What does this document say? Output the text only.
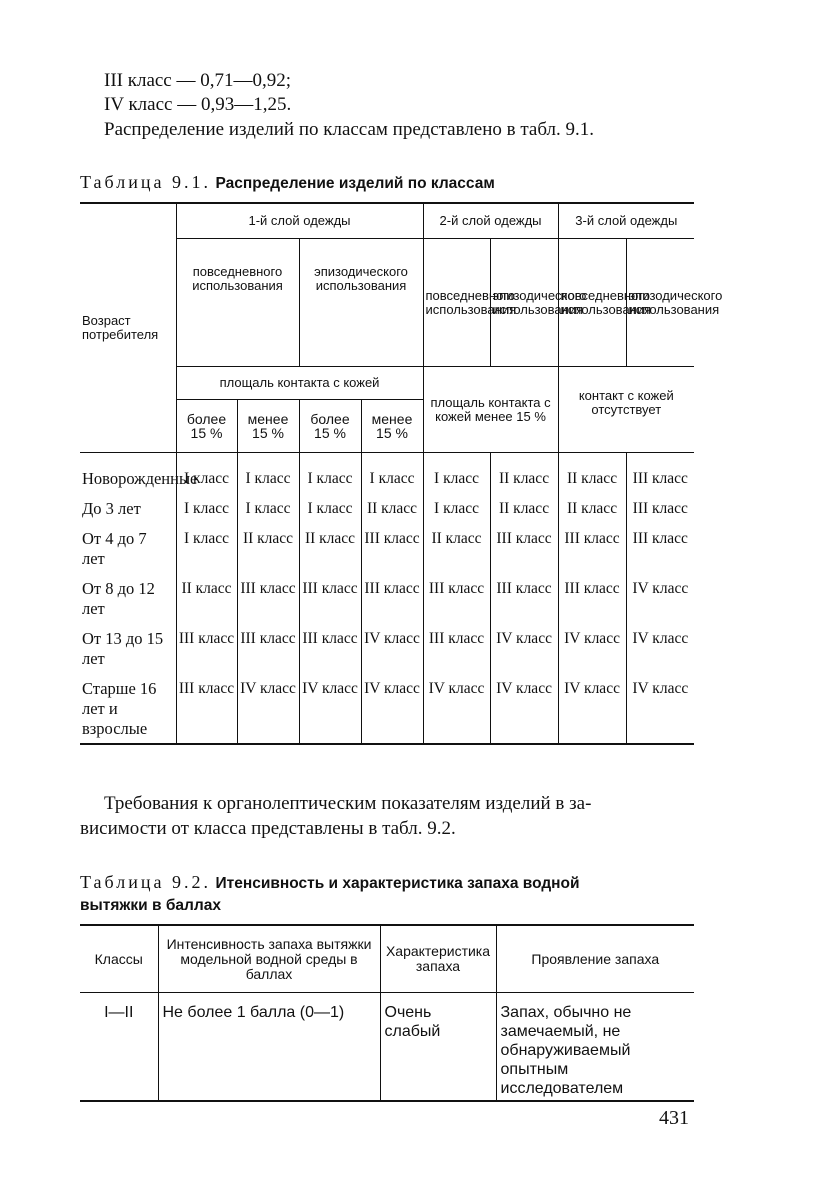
III класс — 0,71—0,92;
IV класс — 0,93—1,25.
Распределение изделий по классам представлено в табл. 9.1.
Таблица 9.1. Распределение изделий по классам
Возраст потребителя	1-й слой одежды				2-й слой одежды		3-й слой одежды	
	повседневного использования		эпизодического использования		повседневного использования	эпизодического использования	повседневного использования	эпизодического использования
	площаль контакта с кожей				площаль контакта с кожей менее 15 %		контакт с кожей отсутствует	
	более 15 %	менее 15 %	более 15 %	менее 15 %				

Новорожденные	I класс	I класс	I класс	I класс	I класс	II класс	II класс	III класс
До 3 лет	I класс	I класс	I класс	II класс	I класс	II класс	II класс	III класс
От 4 до 7 лет	I класс	II класс	II класс	III класс	II класс	III класс	III класс	III класс
От 8 до 12 лет	II класс	III класс	III класс	III класс	III класс	III класс	III класс	IV класс
От 13 до 15 лет	III класс	III класс	III класс	IV класс	III класс	IV класс	IV класс	IV класс
Старше 16 лет и взрослые	III класс	IV класс	IV класс	IV класс	IV класс	IV класс	IV класс	IV класс
Требования к органолептическим показателям изделий в за-
висимости от класса представлены в табл. 9.2.
Таблица 9.2. Итенсивность и характеристика запаха водной
вытяжки в баллах
Классы	Интенсивность запаха вытяжки модельной водной среды в баллах	Характеристика запаха	Проявление запаха
I—II	Не более 1 балла (0—1)	Очень слабый	Запах, обычно не замечаемый, не обнаруживаемый опытным исследователем
431
